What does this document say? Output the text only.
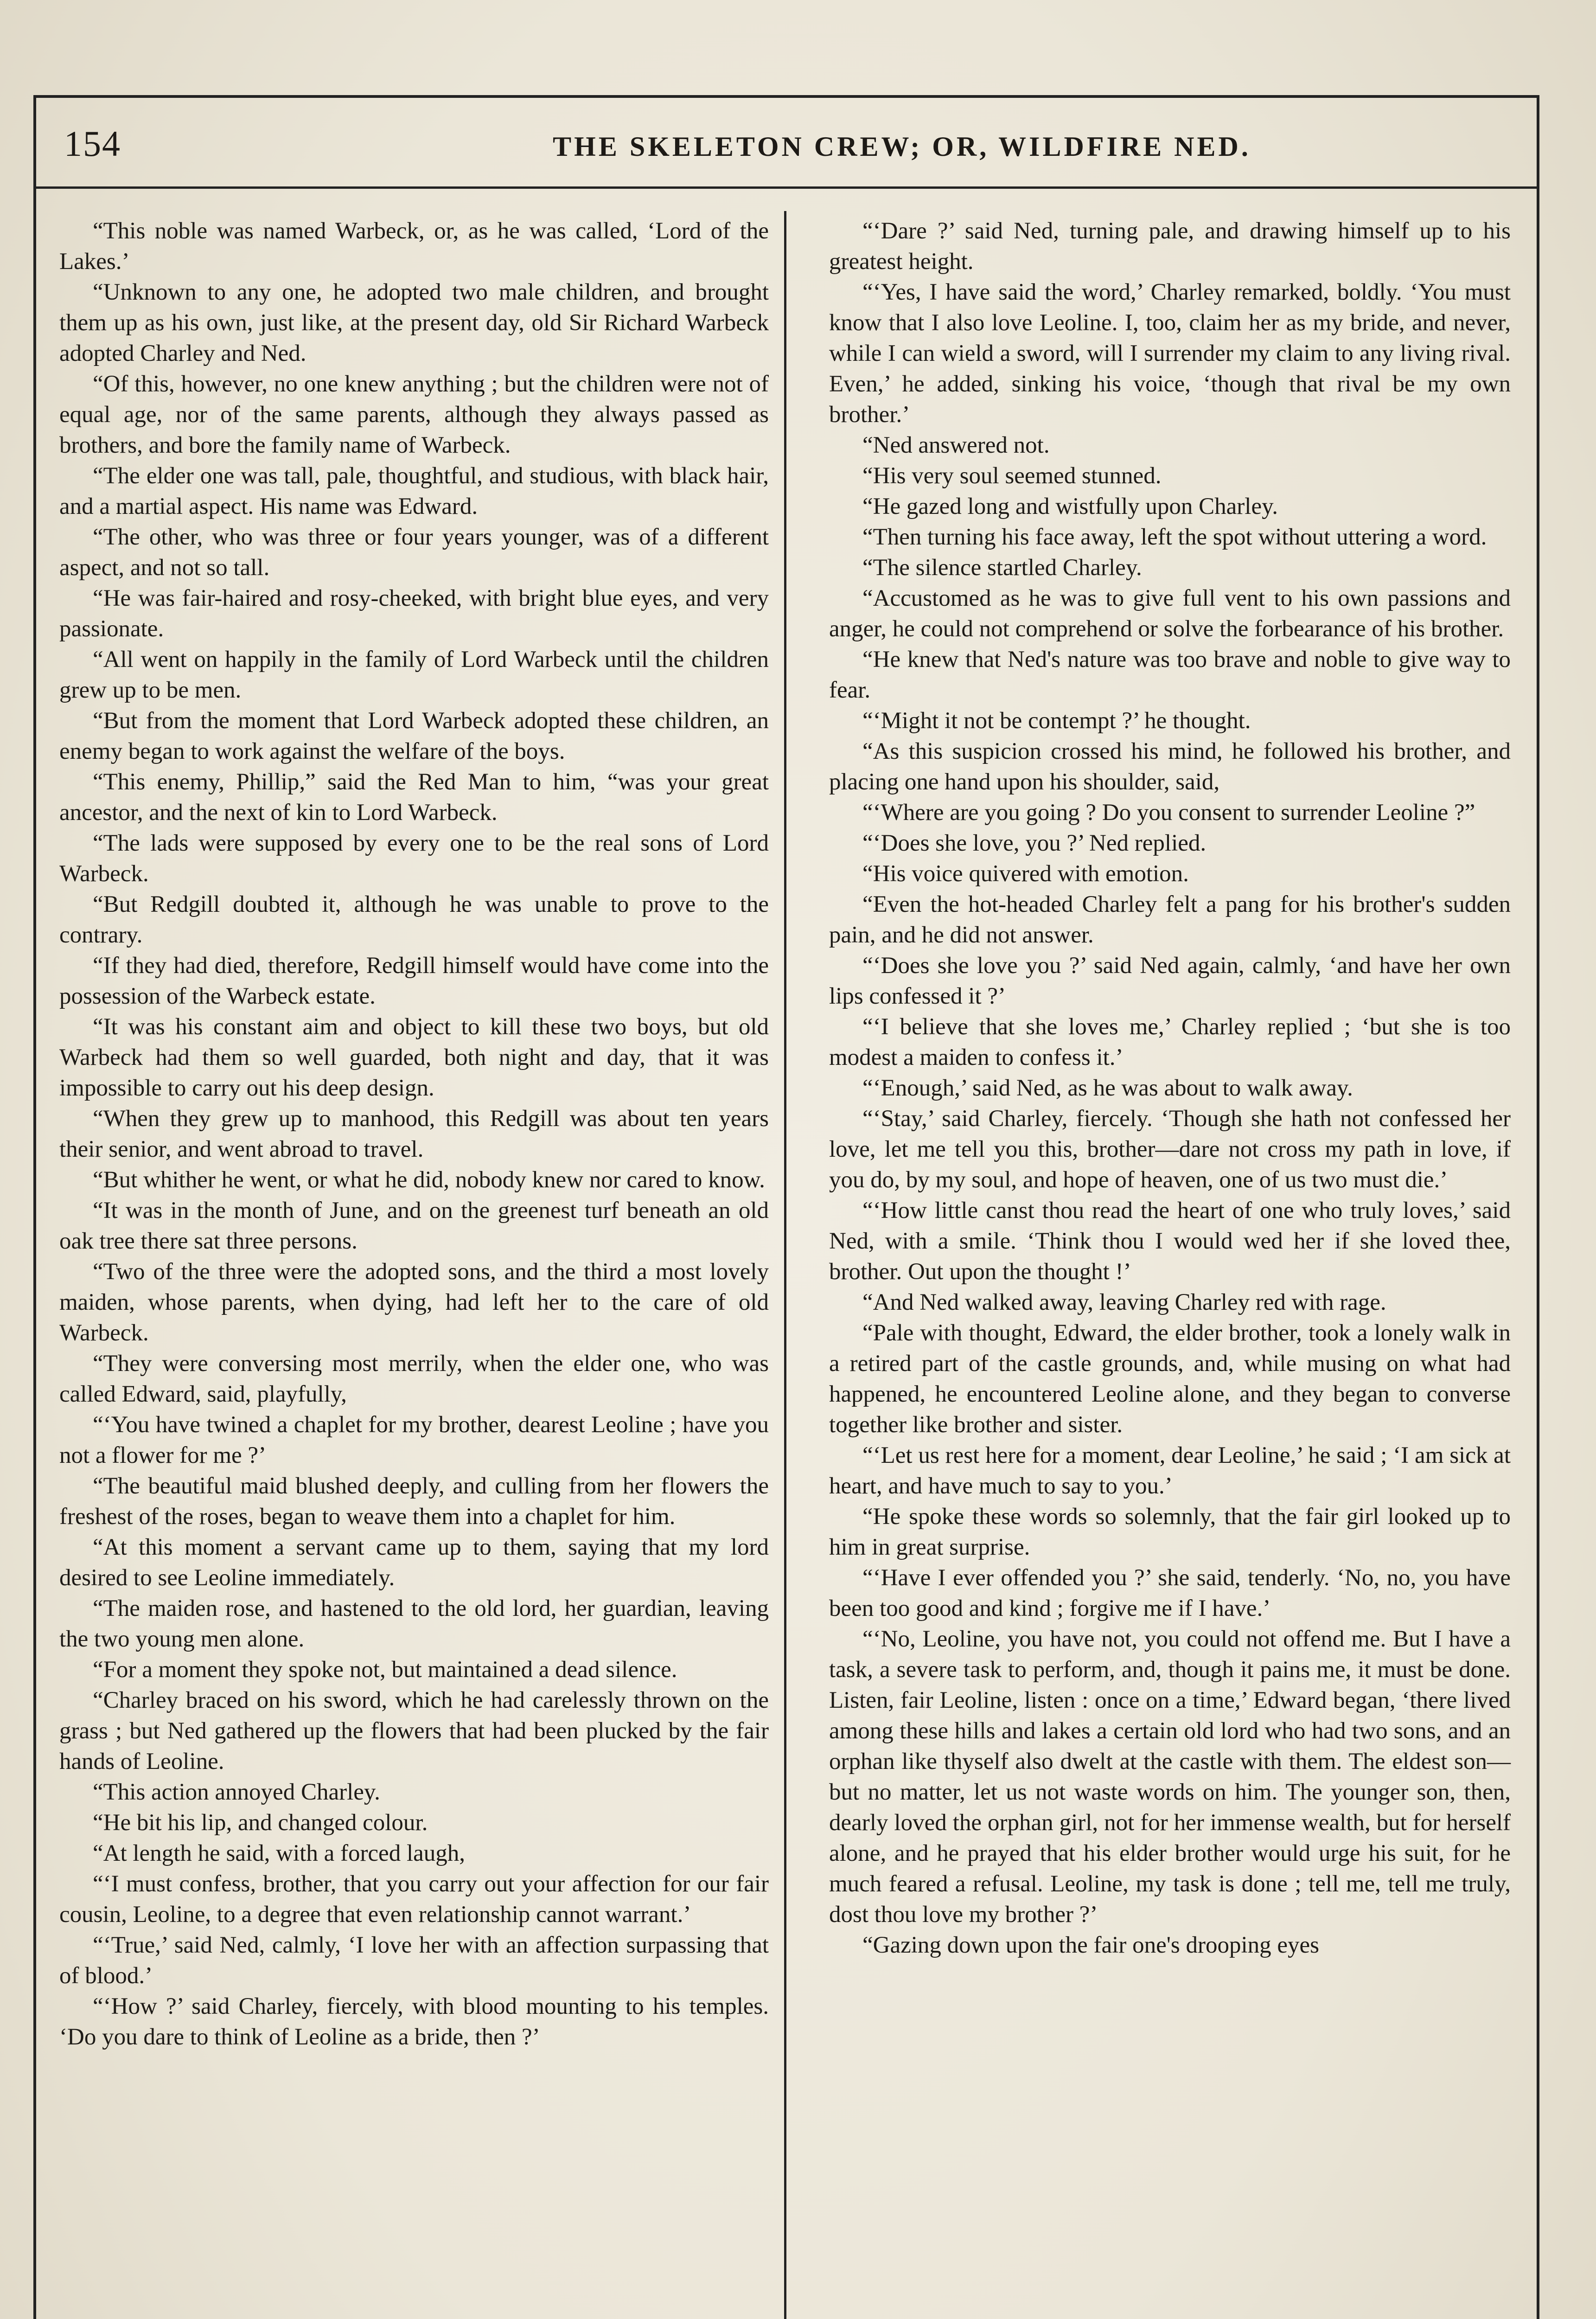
154	THE SKELETON CREW; OR, WILDFIRE NED.

“This noble was named Warbeck, or, as he was called, ‘Lord of the Lakes.’

“Unknown to any one, he adopted two male children, and brought them up as his own, just like, at the present day, old Sir Richard Warbeck adopted Charley and Ned.

“Of this, however, no one knew anything ; but the children were not of equal age, nor of the same parents, although they always passed as brothers, and bore the family name of Warbeck.

“The elder one was tall, pale, thoughtful, and studious, with black hair, and a martial aspect. His name was Edward.

“The other, who was three or four years younger, was of a different aspect, and not so tall.

“He was fair-haired and rosy-cheeked, with bright blue eyes, and very passionate.

“All went on happily in the family of Lord Warbeck until the children grew up to be men.

“But from the moment that Lord Warbeck adopted these children, an enemy began to work against the welfare of the boys.

“This enemy, Phillip,” said the Red Man to him, “was your great ancestor, and the next of kin to Lord Warbeck.

“The lads were supposed by every one to be the real sons of Lord Warbeck.

“But Redgill doubted it, although he was unable to prove to the contrary.

“If they had died, therefore, Redgill himself would have come into the possession of the Warbeck estate.

“It was his constant aim and object to kill these two boys, but old Warbeck had them so well guarded, both night and day, that it was impossible to carry out his deep design.

“When they grew up to manhood, this Redgill was about ten years their senior, and went abroad to travel.

“But whither he went, or what he did, nobody knew nor cared to know.

“It was in the month of June, and on the greenest turf beneath an old oak tree there sat three persons.

“Two of the three were the adopted sons, and the third a most lovely maiden, whose parents, when dying, had left her to the care of old Warbeck.

“They were conversing most merrily, when the elder one, who was called Edward, said, playfully,

“‘You have twined a chaplet for my brother, dearest Leoline ; have you not a flower for me ?’

“The beautiful maid blushed deeply, and culling from her flowers the freshest of the roses, began to weave them into a chaplet for him.

“At this moment a servant came up to them, saying that my lord desired to see Leoline immediately.

“The maiden rose, and hastened to the old lord, her guardian, leaving the two young men alone.

“For a moment they spoke not, but maintained a dead silence.

“Charley braced on his sword, which he had carelessly thrown on the grass ; but Ned gathered up the flowers that had been plucked by the fair hands of Leoline.

“This action annoyed Charley.

“He bit his lip, and changed colour.

“At length he said, with a forced laugh,

“‘I must confess, brother, that you carry out your affection for our fair cousin, Leoline, to a degree that even relationship cannot warrant.’

“‘True,’ said Ned, calmly, ‘I love her with an affection surpassing that of blood.’

“‘How ?’ said Charley, fiercely, with blood mounting to his temples. ‘Do you dare to think of Leoline as a bride, then ?’

“‘Dare ?’ said Ned, turning pale, and drawing himself up to his greatest height.

“‘Yes, I have said the word,’ Charley remarked, boldly. ‘You must know that I also love Leoline. I, too, claim her as my bride, and never, while I can wield a sword, will I surrender my claim to any living rival. Even,’ he added, sinking his voice, ‘though that rival be my own brother.’

“Ned answered not.

“His very soul seemed stunned.

“He gazed long and wistfully upon Charley.

“Then turning his face away, left the spot without uttering a word.

“The silence startled Charley.

“Accustomed as he was to give full vent to his own passions and anger, he could not comprehend or solve the forbearance of his brother.

“He knew that Ned's nature was too brave and noble to give way to fear.

“‘Might it not be contempt ?’ he thought.

“As this suspicion crossed his mind, he followed his brother, and placing one hand upon his shoulder, said,

“‘Where are you going ? Do you consent to surrender Leoline ?”

“‘Does she love, you ?’ Ned replied.

“His voice quivered with emotion.

“Even the hot-headed Charley felt a pang for his brother's sudden pain, and he did not answer.

“‘Does she love you ?’ said Ned again, calmly, ‘and have her own lips confessed it ?’

“‘I believe that she loves me,’ Charley replied ; ‘but she is too modest a maiden to confess it.’

“‘Enough,’ said Ned, as he was about to walk away.

“‘Stay,’ said Charley, fiercely. ‘Though she hath not confessed her love, let me tell you this, brother—dare not cross my path in love, if you do, by my soul, and hope of heaven, one of us two must die.’

“‘How little canst thou read the heart of one who truly loves,’ said Ned, with a smile. ‘Think thou I would wed her if she loved thee, brother. Out upon the thought !’

“And Ned walked away, leaving Charley red with rage.

“Pale with thought, Edward, the elder brother, took a lonely walk in a retired part of the castle grounds, and, while musing on what had happened, he encountered Leoline alone, and they began to converse together like brother and sister.

“‘Let us rest here for a moment, dear Leoline,’ he said ; ‘I am sick at heart, and have much to say to you.’

“He spoke these words so solemnly, that the fair girl looked up to him in great surprise.

“‘Have I ever offended you ?’ she said, tenderly. ‘No, no, you have been too good and kind ; forgive me if I have.’

“‘No, Leoline, you have not, you could not offend me. But I have a task, a severe task to perform, and, though it pains me, it must be done. Listen, fair Leoline, listen : once on a time,’ Edward began, ‘there lived among these hills and lakes a certain old lord who had two sons, and an orphan like thyself also dwelt at the castle with them. The eldest son—but no matter, let us not waste words on him. The younger son, then, dearly loved the orphan girl, not for her immense wealth, but for herself alone, and he prayed that his elder brother would urge his suit, for he much feared a refusal. Leoline, my task is done ; tell me, tell me truly, dost thou love my brother ?’

“Gazing down upon the fair one's drooping eyes
